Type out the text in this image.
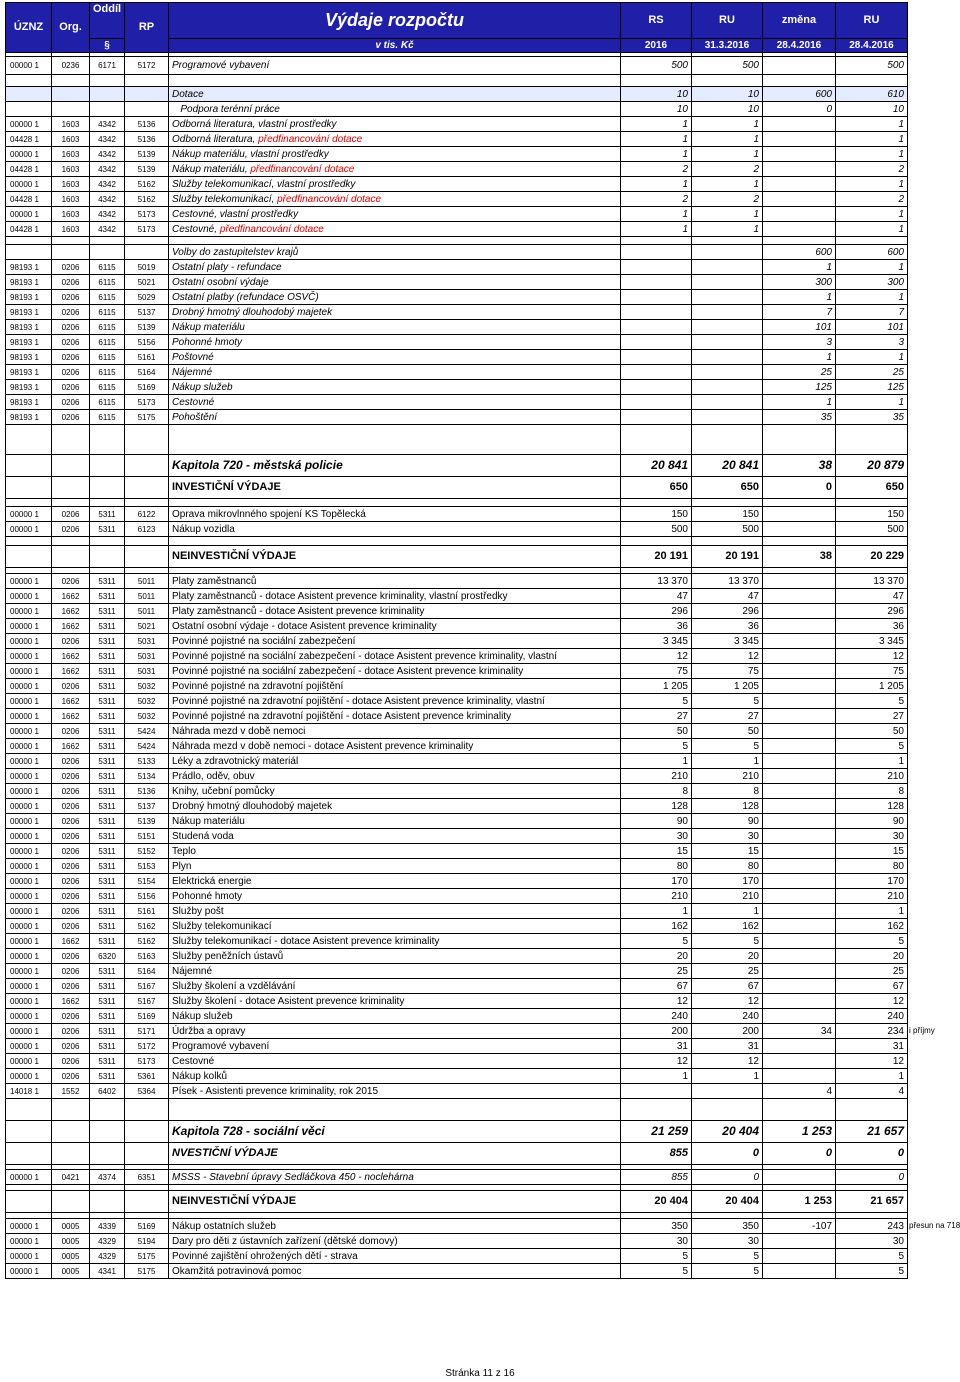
ÚZNZ	Org.	Oddíl	RP	Výdaje rozpočtu	RS	RU	změna	RU
		§		v tis. Kč	2016	31.3.2016	28.4.2016	28.4.2016

00000 1	0236	6171	5172	Programové vybavení	500	500		500

				Dotace	10	10	600	610
				Podpora terénní práce	10	10	0	10
00000 1	1603	4342	5136	Odborná literatura, vlastní prostředky	1	1		1
04428 1	1603	4342	5136	Odborná literatura, předfinancování dotace	1	1		1
00000 1	1603	4342	5139	Nákup materiálu, vlastní prostředky	1	1		1
04428 1	1603	4342	5139	Nákup materiálu, předfinancování dotace	2	2		2
00000 1	1603	4342	5162	Služby telekomunikací, vlastní prostředky	1	1		1
04428 1	1603	4342	5162	Služby telekomunikací, předfinancování dotace	2	2		2
00000 1	1603	4342	5173	Cestovné, vlastní prostředky	1	1		1
04428 1	1603	4342	5173	Cestovné, předfinancování dotace	1	1		1

				Volby do zastupitelstev krajů			600	600
98193 1	0206	6115	5019	Ostatní platy - refundace			1	1
98193 1	0206	6115	5021	Ostatní osobní výdaje			300	300
98193 1	0206	6115	5029	Ostatní platby (refundace OSVČ)			1	1
98193 1	0206	6115	5137	Drobný hmotný dlouhodobý majetek			7	7
98193 1	0206	6115	5139	Nákup materiálu			101	101
98193 1	0206	6115	5156	Pohonné hmoty			3	3
98193 1	0206	6115	5161	Poštovné			1	1
98193 1	0206	6115	5164	Nájemné			25	25
98193 1	0206	6115	5169	Nákup služeb			125	125
98193 1	0206	6115	5173	Cestovné			1	1
98193 1	0206	6115	5175	Pohoštění			35	35

				Kapitola 720 - městská policie	20 841	20 841	38	20 879
				INVESTIČNÍ VÝDAJE	650	650	0	650

00000 1	0206	5311	6122	Oprava mikrovlnného spojení KS Topělecká	150	150		150
00000 1	0206	5311	6123	Nákup vozidla	500	500		500

				NEINVESTIČNÍ VÝDAJE	20 191	20 191	38	20 229

00000 1	0206	5311	5011	Platy zaměstnanců	13 370	13 370		13 370
00000 1	1662	5311	5011	Platy zaměstnanců - dotace Asistent prevence kriminality, vlastní prostředky	47	47		47
00000 1	1662	5311	5011	Platy zaměstnanců - dotace Asistent prevence kriminality	296	296		296
00000 1	1662	5311	5021	Ostatní osobní výdaje - dotace Asistent prevence kriminality	36	36		36
00000 1	0206	5311	5031	Povinné pojistné na sociální zabezpečení	3 345	3 345		3 345
00000 1	1662	5311	5031	Povinné pojistné na sociální zabezpečení - dotace Asistent prevence kriminality, vlastní	12	12		12
00000 1	1662	5311	5031	Povinné pojistné na sociální zabezpečení - dotace Asistent prevence kriminality	75	75		75
00000 1	0206	5311	5032	Povinné pojistné na zdravotní pojištění	1 205	1 205		1 205
00000 1	1662	5311	5032	Povinné pojistné na zdravotní pojištění - dotace Asistent prevence kriminality, vlastní	5	5		5
00000 1	1662	5311	5032	Povinné pojistné na zdravotní pojištění - dotace Asistent prevence kriminality	27	27		27
00000 1	0206	5311	5424	Náhrada mezd v době nemoci	50	50		50
00000 1	1662	5311	5424	Náhrada mezd v době nemoci - dotace Asistent prevence kriminality	5	5		5
00000 1	0206	5311	5133	Léky a zdravotnický materiál	1	1		1
00000 1	0206	5311	5134	Prádlo, oděv, obuv	210	210		210
00000 1	0206	5311	5136	Knihy, učební pomůcky	8	8		8
00000 1	0206	5311	5137	Drobný hmotný dlouhodobý majetek	128	128		128
00000 1	0206	5311	5139	Nákup materiálu	90	90		90
00000 1	0206	5311	5151	Studená voda	30	30		30
00000 1	0206	5311	5152	Teplo	15	15		15
00000 1	0206	5311	5153	Plyn	80	80		80
00000 1	0206	5311	5154	Elektrická energie	170	170		170
00000 1	0206	5311	5156	Pohonné hmoty	210	210		210
00000 1	0206	5311	5161	Služby pošt	1	1		1
00000 1	0206	5311	5162	Služby telekomunikací	162	162		162
00000 1	1662	5311	5162	Služby telekomunikací - dotace Asistent prevence kriminality	5	5		5
00000 1	0206	6320	5163	Služby peněžních ústavů	20	20		20
00000 1	0206	5311	5164	Nájemné	25	25		25
00000 1	0206	5311	5167	Služby školení a vzdělávání	67	67		67
00000 1	1662	5311	5167	Služby školení - dotace Asistent prevence kriminality	12	12		12
00000 1	0206	5311	5169	Nákup služeb	240	240		240
00000 1	0206	5311	5171	Údržba a opravy	200	200	34	234
00000 1	0206	5311	5172	Programové vybavení	31	31		31
00000 1	0206	5311	5173	Cestovné	12	12		12
00000 1	0206	5311	5361	Nákup kolků	1	1		1
14018 1	1552	6402	5364	Písek - Asistenti prevence kriminality, rok 2015			4	4

				Kapitola 728 - sociální věci	21 259	20 404	1 253	21 657
				NVESTIČNÍ VÝDAJE	855	0	0	0

00000 1	0421	4374	6351	MSSS - Stavební úpravy Sedláčkova 450 - noclehárna	855	0		0

				NEINVESTIČNÍ VÝDAJE	20 404	20 404	1 253	21 657

00000 1	0005	4339	5169	Nákup ostatních služeb	350	350	-107	243
00000 1	0005	4329	5194	Dary pro děti z ústavních zařízení (dětské domovy)	30	30		30
00000 1	0005	4329	5175	Povinné zajištění ohrožených dětí - strava	5	5		5
00000 1	0005	4341	5175	Okamžitá potravinová pomoc	5	5		5
i příjmy
přesun na 718
Stránka 11 z 16
